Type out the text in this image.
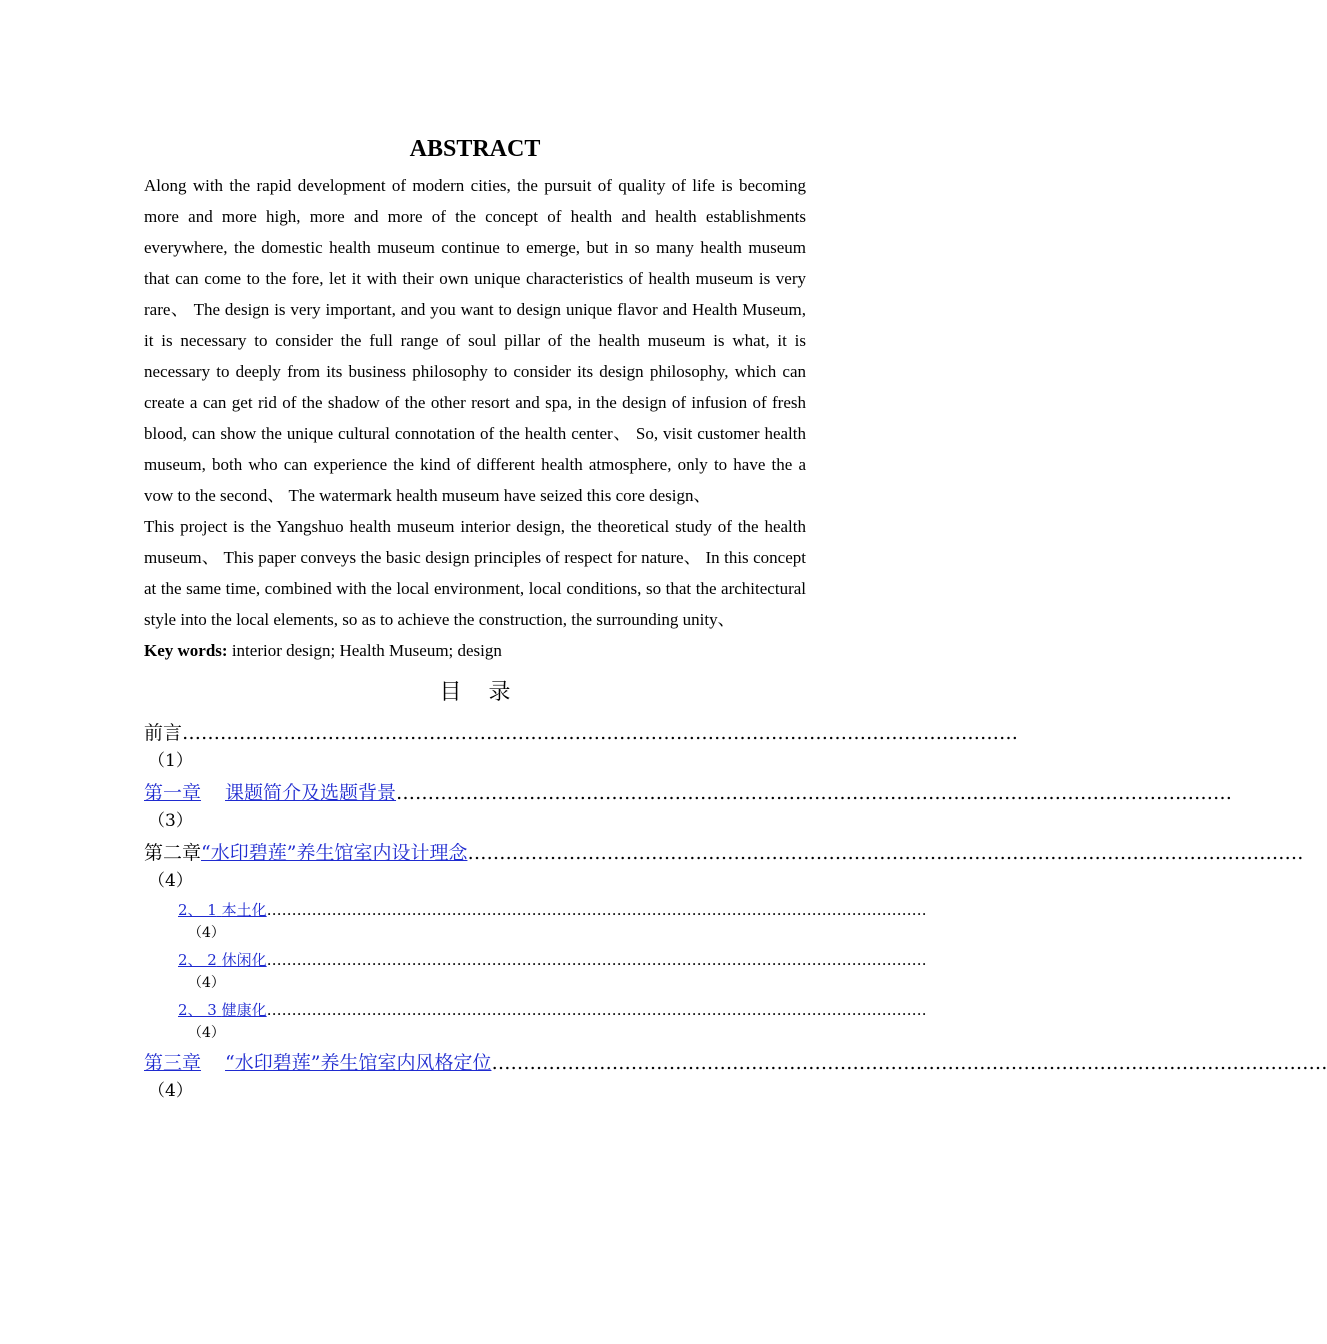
ABSTRACT

Along with the rapid development of modern cities, the pursuit of quality of life is becoming more and more high, more and more of the concept of health and health establishments everywhere, the domestic health museum continue to emerge, but in so many health museum that can come to the fore, let it with their own unique characteristics of health museum is very rare、 The design is very important, and you want to design unique flavor and Health Museum, it is necessary to consider the full range of soul pillar of the health museum is what, it is necessary to deeply from its business philosophy to consider its design philosophy, which can create a can get rid of the shadow of the other resort and spa, in the design of infusion of fresh blood, can show the unique cultural connotation of the health center、 So, visit customer health museum, both who can experience the kind of different health atmosphere, only to have the a vow to the second、 The watermark health museum have seized this core design、

This project is the Yangshuo health museum interior design, the theoretical study of the health museum、 This paper conveys the basic design principles of respect for nature、 In this concept at the same time, combined with the local environment, local conditions, so that the architectural style into the local elements, so as to achieve the construction, the surrounding unity、

Key words: interior design; Health Museum; design

目 录
前言 ……………………………………………………………………………………………………………………
（1）
第一章 课题简介及选题背景 ……………………………………………………………………………………………………………………
（3）
第二章 “水印碧莲”养生馆室内设计理念 ……………………………………………………………………………………………………………………
（4）
2、 1 本土化 ……………………………………………………………………………………………………………………
（4）
2、 2 休闲化 ……………………………………………………………………………………………………………………
（4）
2、 3 健康化 ……………………………………………………………………………………………………………………
（4）
第三章 “水印碧莲”养生馆室内风格定位 ……………………………………………………………………………………………………………………
（4）
